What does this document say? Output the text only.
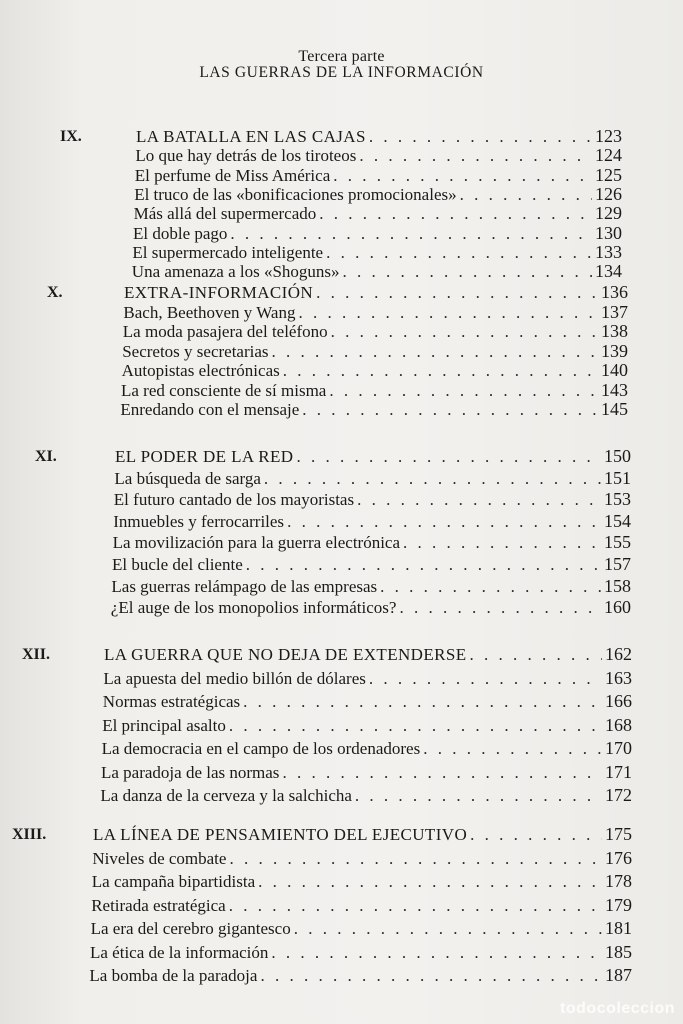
Tercera parte
LAS GUERRAS DE LA INFORMACIÓN
IX.	LA BATALLA EN LAS CAJAS . . .	123
Lo que hay detrás de los tiroteos . . .	124
El perfume de Miss América . . .	125
El truco de las «bonificaciones promocionales» . . .	126
Más allá del supermercado . . .	129
El doble pago . . .	130
El supermercado inteligente . . .	133
Una amenaza a los «Shoguns» . . .	134
X.	EXTRA-INFORMACIÓN . . .	136
Bach, Beethoven y Wang . . .	137
La moda pasajera del teléfono . . .	138
Secretos y secretarias . . .	139
Autopistas electrónicas . . .	140
La red consciente de sí misma . . .	143
Enredando con el mensaje . . .	145
XI.	EL PODER DE LA RED . . .	150
La búsqueda de sarga . . .	151
El futuro cantado de los mayoristas . . .	153
Inmuebles y ferrocarriles . . .	154
La movilización para la guerra electrónica . . .	155
El bucle del cliente . . .	157
Las guerras relámpago de las empresas . . .	158
¿El auge de los monopolios informáticos? . . .	160
XII.	LA GUERRA QUE NO DEJA DE EXTENDERSE . . .	162
La apuesta del medio billón de dólares . . .	163
Normas estratégicas . . .	166
El principal asalto . . .	168
La democracia en el campo de los ordenadores . . .	170
La paradoja de las normas . . .	171
La danza de la cerveza y la salchicha . . .	172
XIII.	LA LÍNEA DE PENSAMIENTO DEL EJECUTIVO . . .	175
Niveles de combate . . .	176
La campaña bipartidista . . .	178
Retirada estratégica . . .	179
La era del cerebro gigantesco . . .	181
La ética de la información . . .	185
La bomba de la paradoja . . .	187
todocoleccion
